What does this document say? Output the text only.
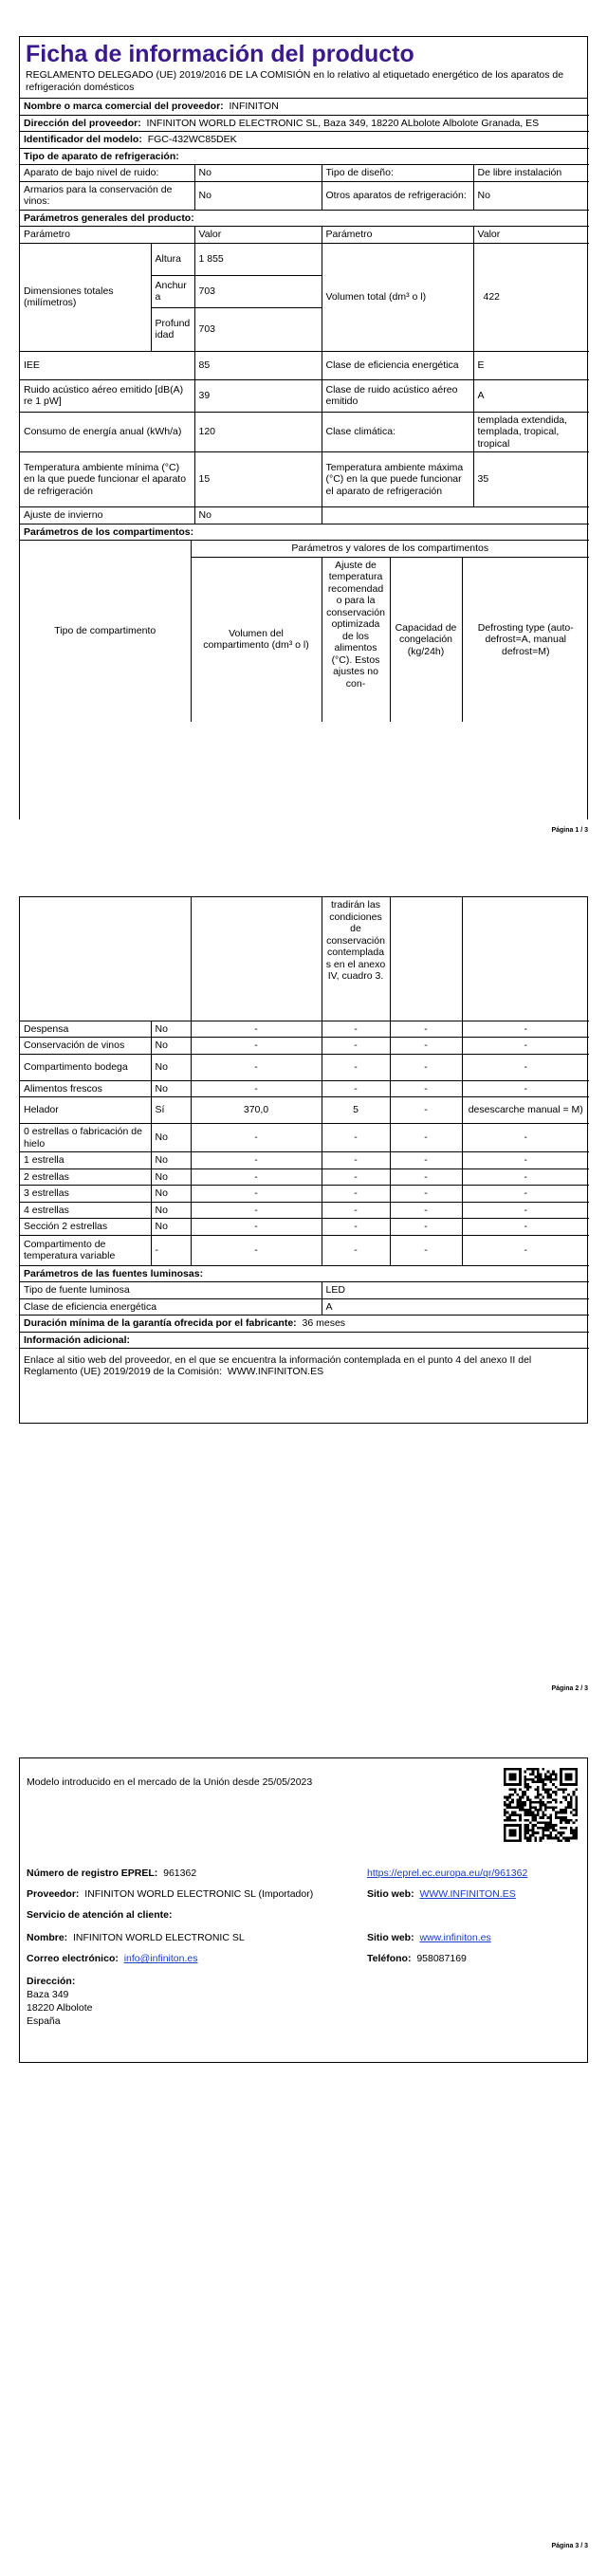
Ficha de información del producto
REGLAMENTO DELEGADO (UE) 2019/2016 DE LA COMISIÓN en lo relativo al etiquetado energético de los aparatos de refrigeración domésticos
Nombre o marca comercial del proveedor: INFINITON				
Dirección del proveedor: INFINITON WORLD ELECTRONIC SL, Baza 349, 18220 ALbolote Albolote Granada, ES				
Identificador del modelo: FGC-432WC85DEK				
Tipo de aparato de refrigeración:				
Aparato de bajo nivel de ruido:		No	Tipo de diseño:	De libre instalación
Armarios para la conservación de vinos:		No	Otros aparatos de refrigeración:	No
Parámetros generales del producto:				
Parámetro		Valor	Parámetro	Valor
Dimensiones totales (milímetros)	Altura	1 855	Volumen total (dm³ o l)	422
	Anchura	703		
	Profundidad	703		
IEE		85	Clase de eficiencia energética	E
Ruido acústico aéreo emitido [dB(A) re 1 pW]		39	Clase de ruido acústico aéreo emitido	A
Consumo de energía anual (kWh/a)		120	Clase climática:	templada extendida, templada, tropical, tropical
Temperatura ambiente mínima (°C) en la que puede funcionar el aparato de refrigeración		15	Temperatura ambiente máxima (°C) en la que puede funcionar el aparato de refrigeración	35
Ajuste de invierno		No		
Parámetros de los compartimentos:				
Tipo de compartimento	Parámetros y valores de los compartimentos			
	Volumen del compartimento (dm³ o l)	Ajuste de temperatura recomendado para la conservación optimizada de los alimentos (°C). Estos ajustes no con-	Capacidad de congelación (kg/24h)	Defrosting type (auto-defrost=A, manual defrost=M)
Página 1 / 3
			tradirán las condiciones de conservación contempladas en el anexo IV, cuadro 3.		
Despensa	No	-	-	-	-
Conservación de vinos	No	-	-	-	-
Compartimento bodega	No	-	-	-	-
Alimentos frescos	No	-	-	-	-
Helador	Sí	370,0	5	-	desescarche manual = M)
0 estrellas o fabricación de hielo	No	-	-	-	-
1 estrella	No	-	-	-	-
2 estrellas	No	-	-	-	-
3 estrellas	No	-	-	-	-
4 estrellas	No	-	-	-	-
Sección 2 estrellas	No	-	-	-	-
Compartimento de temperatura variable	-	-	-	-	-
Parámetros de las fuentes luminosas:					
Tipo de fuente luminosa			LED		
Clase de eficiencia energética			A		
Duración mínima de la garantía ofrecida por el fabricante: 36 meses					
Información adicional:					
Enlace al sitio web del proveedor, en el que se encuentra la información contemplada en el punto 4 del anexo II del Reglamento (UE) 2019/2019 de la Comisión: WWW.INFINITON.ES					
Página 2 / 3
Modelo introducido en el mercado de la Unión desde 25/05/2023
Número de registro EPREL: 961362	https://eprel.ec.europa.eu/qr/961362
Proveedor: INFINITON WORLD ELECTRONIC SL (Importador)	Sitio web: WWW.INFINITON.ES
Servicio de atención al cliente:
Nombre: INFINITON WORLD ELECTRONIC SL	Sitio web: www.infiniton.es
Correo electrónico: info@infiniton.es	Teléfono: 958087169
Dirección:
Baza 349
18220 Albolote
España
Página 3 / 3
